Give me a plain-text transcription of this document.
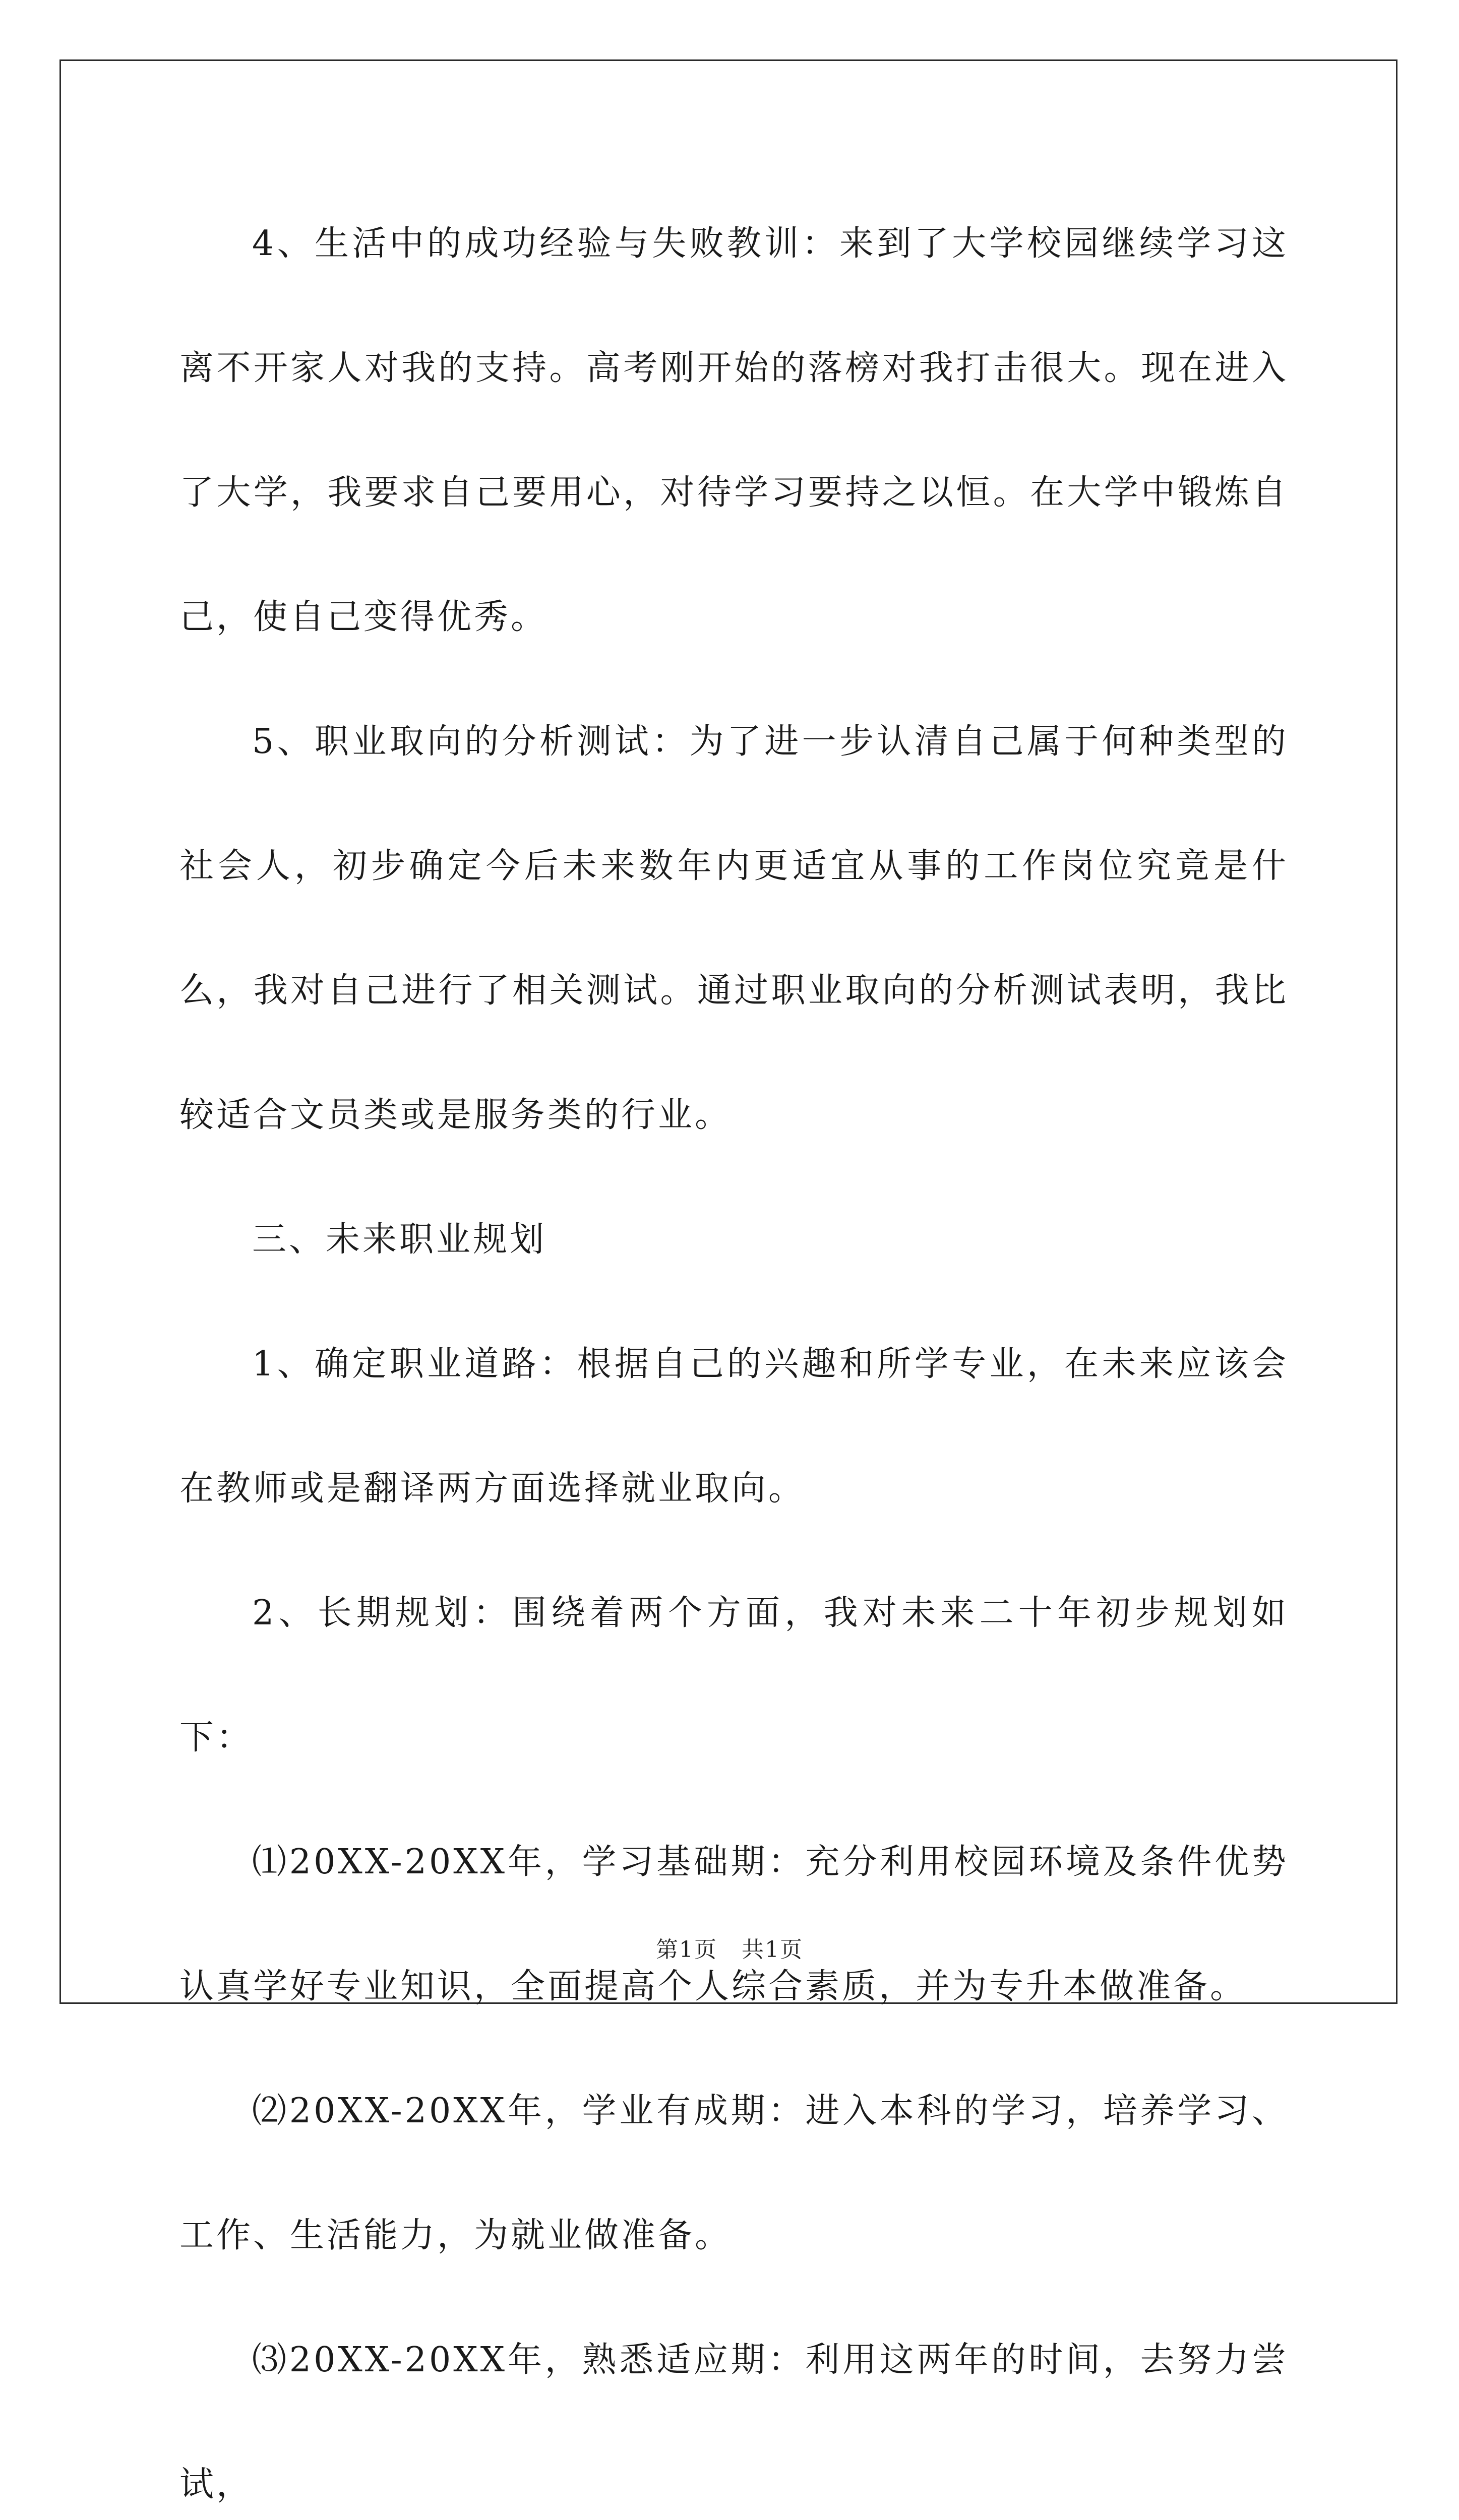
4、生活中的成功经验与失败教训：来到了大学校园继续学习这离不开家人对我的支持。高考刚开始的落榜对我打击很大。现在进入了大学，我要求自己要用心，对待学习要持之以恒。在大学中锻炼自己，使自己变得优秀。

5、职业取向的分析测试：为了进一步认清自己属于何种类型的社会人，初步确定今后未来数年内更适宜从事的工作岗位究竟是什么，我对自己进行了相关测试。通过职业取向的分析测试表明，我比较适合文员类或是服务类的行业。

三、未来职业规划

1、确定职业道路：根据自己的兴趣和所学专业，在未来应该会在教师或是翻译两方面选择就业取向。

2、长期规划：围绕着两个方面，我对未来二十年初步规划如下：

⑴20XX-20XX年，学习基础期：充分利用校园环境及条件优势认真学好专业知识，全面提高个人综合素质，并为专升本做准备。

⑵20XX-20XX年，学业有成期：进入本科的学习，培养学习、工作、生活能力，为就业做准备。

⑶20XX-20XX年，熟悉适应期：利用这两年的时间，去努力尝试，

第1页 共1页
